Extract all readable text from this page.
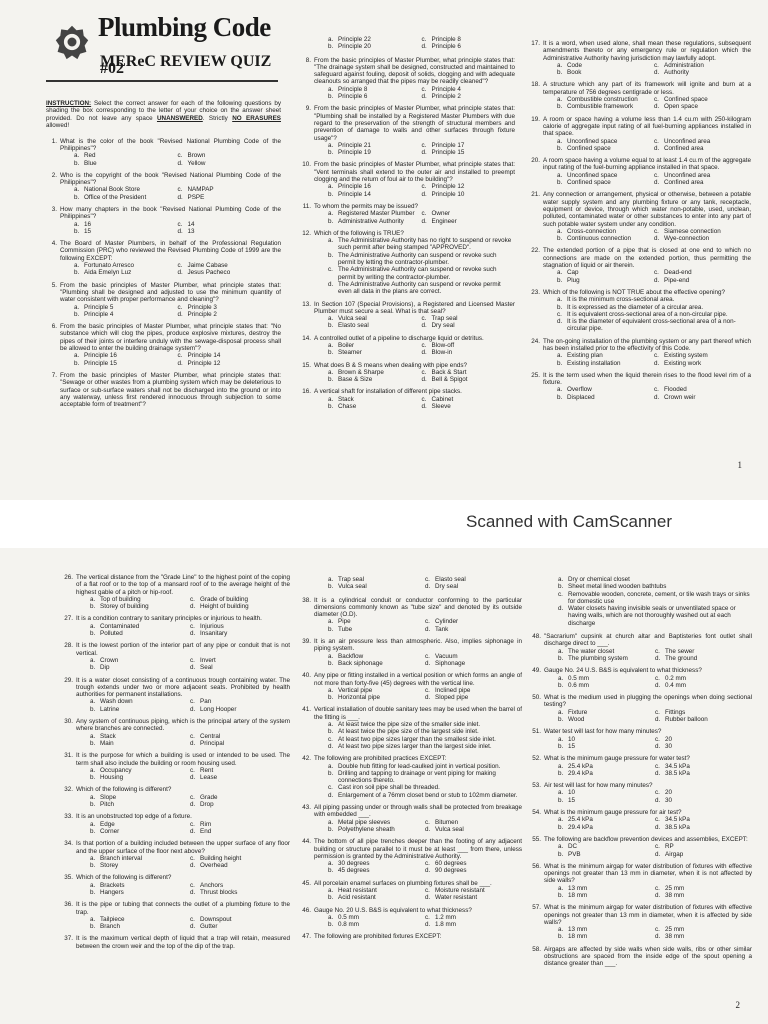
Plumbing Code
MEReC REVIEW QUIZ #02

INSTRUCTION: Select the correct answer for each of the following questions by shading the box corresponding to the letter of your choice on the answer sheet provided. Do not leave any space UNANSWERED. Strictly NO ERASURES allowed!

1. What is the color of the book "Revised National Plumbing Code of the Philippines"?
a. Red	c. Brown
b. Blue	d. Yellow
2. Who is the copyright of the book "Revised National Plumbing Code of the Philippines"?
a. National Book Store	c. NAMPAP
b. Office of the President	d. PSPE
3. How many chapters in the book "Revised National Plumbing Code of the Philippines"?
a. 16	c. 14
b. 15	d. 13
4. The Board of Master Plumbers, in behalf of the Professional Regulation Commission (PRC) who reviewed the Revised Plumbing Code of 1999 are the following EXCEPT:
a. Fortunato Arresco	c. Jaime Cabase
b. Aida Emelyn Luz	d. Jesus Pacheco
5. From the basic principles of Master Plumber, what principle states that: "Plumbing shall be designed and adjusted to use the minimum quantity of water consistent with proper performance and cleaning"?
a. Principle 5	c. Principle 3
b. Principle 4	d. Principle 2
6. From the basic principles of Master Plumber, what principle states that: "No substance which will clog the pipes, produce explosive mixtures, destroy the pipes of their joints or interfere unduly with the sewage-disposal process shall be allowed to enter the building drainage system"?
a. Principle 16	c. Principle 14
b. Principle 15	d. Principle 12
7. From the basic principles of Master Plumber, what principle states that: "Sewage or other wastes from a plumbing system which may be deleterious to surface or sub-surface waters shall not be discharged into the ground or into any waterway, unless first rendered innocuous through subjection to some acceptable form of treatment"?
a. Principle 22	c. Principle 8
b. Principle 20	d. Principle 6
8. From the basic principles of Master Plumber, what principle states that: "The drainage system shall be designed, constructed and maintained to safeguard against fouling, deposit of solids, clogging and with adequate cleanouts so arranged that the pipes may be readily cleaned"?
a. Principle 8	c. Principle 4
b. Principle 6	d. Principle 2
9. From the basic principles of Master Plumber, what principle states that: "Plumbing shall be installed by a Registered Master Plumbers with due regard to the preservation of the strength of structural members and prevention of damage to walls and other surfaces through fixture usage"?
a. Principle 21	c. Principle 17
b. Principle 19	d. Principle 15
10. From the basic principles of Master Plumber, what principle states that: "Vent terminals shall extend to the outer air and installed to preempt clogging and the return of foul air to the building"?
a. Principle 16	c. Principle 12
b. Principle 14	d. Principle 10
11. To whom the permits may be issued?
a. Registered Master Plumber c. Owner
b. Administrative Authority	d. Engineer
12. Which of the following is TRUE?
a. The Administrative Authority has no right to suspend or revoke such permit after being stamped "APPROVED".
b. The Administrative Authority can suspend or revoke such permit by letting the contractor-plumber.
c. The Administrative Authority can suspend or revoke such permit by writing the contractor-plumber.
d. The Administrative Authority can suspend or revoke permit even all data in the plans are correct.
13. In Section 107 (Special Provisions), a Registered and Licensed Master Plumber must secure a seal. What is that seal?
a. Vulca seal	c. Trap seal
b. Elasto seal	d. Dry seal
14. A controlled outlet of a pipeline to discharge liquid or detritus.
a. Boiler	c. Blow-off
b. Steamer	d. Blow-in
15. What does B & S means when dealing with pipe ends?
a. Brown & Sharpe	c. Back & Start
b. Base & Size	d. Bell & Spigot
16. A vertical shaft for installation of different pipe stacks.
a. Stack	c. Cabinet
b. Chase	d. Sleeve
17. It is a word, when used alone, shall mean these regulations, subsequent amendments thereto or any emergency rule or regulation which the Administrative Authority having jurisdiction may lawfully adopt.
a. Code	c. Administration
b. Book	d. Authority
18. A structure which any part of its framework will ignite and burn at a temperature of 756 degrees centigrade or less.
a. Combustible construction	c. Confined space
b. Combustible framework	d. Open space
19. A room or space having a volume less than 1.4 cu.m with 250-kilogram calorie of aggregate input rating of all fuel-burning appliances installed in that space.
a. Unconfined space	c. Unconfined area
b. Confined space	d. Confined area
20. A room space having a volume equal to at least 1.4 cu.m of the aggregate input rating of the fuel-burning appliance installed in that space.
a. Unconfined space	c. Unconfined area
b. Confined space	d. Confined area
21. Any connection or arrangement, physical or otherwise, between a potable water supply system and any plumbing fixture or any tank, receptacle, equipment or device, through which water non-potable, used, unclean, polluted, contaminated water or other substances to enter into any part of such potable water system under any condition.
a. Cross-connection	c. Siamese connection
b. Continuous connection	d. Wye-connection
22. The extended portion of a pipe that is closed at one end to which no connections are made on the extended portion, thus permitting the stagnation of liquid or air therein.
a. Cap	c. Dead-end
b. Plug	d. Pipe-end
23. Which of the following is NOT TRUE about the effective opening?
a. It is the minimum cross-sectional area.
b. It is expressed as the diameter of a circular area.
c. It is equivalent cross-sectional area of a non-circular pipe.
d. It is the diameter of equivalent cross-sectional area of a non-circular pipe.
24. The on-going installation of the plumbing system or any part thereof which has been installed prior to the effectivity of this Code.
a. Existing plan	c. Existing system
b. Existing installation	d. Existing work
25. It is the term used when the liquid therein rises to the flood level rim of a fixture.
a. Overflow	c. Flooded
b. Displaced	d. Crown weir
1
Scanned with CamScanner
26. The vertical distance from the "Grade Line" to the highest point of the coping of a flat roof or to the top of a mansard roof of to the average height of the highest gable of a pitch or hip-roof.
a. Top of building	c. Grade of building
b. Storey of building	d. Height of building
27. It is a condition contrary to sanitary principles or injurious to health.
a. Contaminated	c. Injurious
b. Polluted	d. Insanitary
28. It is the lowest portion of the interior part of any pipe or conduit that is not vertical.
a. Crown	c. Invert
b. Dip	d. Seal
29. It is a water closet consisting of a continuous trough containing water. The trough extends under two or more adjacent seats. Prohibited by health authorities for permanent installations.
a. Wash down	c. Pan
b. Latrine	d. Long Hooper
30. Any system of continuous piping, which is the principal artery of the system where branches are connected.
a. Stack	c. Central
b. Main	d. Principal
31. It is the purpose for which a building is used or intended to be used. The term shall also include the building or room housing used.
a. Occupancy	c. Rent
b. Housing	d. Lease
32. Which of the following is different?
a. Slope	c. Grade
b. Pitch	d. Drop
33. It is an unobstructed top edge of a fixture.
a. Edge	c. Rim
b. Corner	d. End
34. Is that portion of a building included between the upper surface of any floor and the upper surface of the floor next above?
a. Branch interval	c. Building height
b. Storey	d. Overhead
35. Which of the following is different?
a. Brackets	c. Anchors
b. Hangers	d. Thrust blocks
36. It is the pipe or tubing that connects the outlet of a plumbing fixture to the trap.
a. Tailpiece	c. Downspout
b. Branch	d. Gutter
37. It is the maximum vertical depth of liquid that a trap will retain, measured between the crown weir and the top of the dip of the trap.
a. Trap seal	c. Elasto seal
b. Vulca seal	d. Dry seal
38. It is a cylindrical conduit or conductor conforming to the particular dimensions commonly known as "tube size" and denoted by its outside diameter (O.D).
a. Pipe	c. Cylinder
b. Tube	d. Tank
39. It is an air pressure less than atmospheric. Also, implies siphonage in piping system.
a. Backflow	c. Vacuum
b. Back siphonage	d. Siphonage
40. Any pipe or fitting installed in a vertical position or which forms an angle of not more than forty-five (45) degrees with the vertical line.
a. Vertical pipe	c. Inclined pipe
b. Horizontal pipe	d. Sloped pipe
41. Vertical installation of double sanitary tees may be used when the barrel of the fitting is ___.
a. At least twice the pipe size of the smaller side inlet.
b. At least twice the pipe size of the largest side inlet.
c. At least two pipe sizes larger than the smallest side inlet.
d. At least two pipe sizes larger than the largest side inlet.
42. The following are prohibited practices EXCEPT:
a. Double hub fitting for lead-caulked joint in vertical position.
b. Drilling and tapping to drainage or vent piping for making connections thereto.
c. Cast iron soil pipe shall be threaded.
d. Enlargement of a 76mm closet bend or stub to 102mm diameter.
43. All piping passing under or through walls shall be protected from breakage with embedded ___.
a. Metal pipe sleeves	c. Bitumen
b. Polyethylene sheath	d. Vulca seal
44. The bottom of all pipe trenches deeper than the footing of any adjacent building or structure parallel to it must be at least ___ from there, unless permission is granted by the Administrative Authority.
a. 30 degrees	c. 60 degrees
b. 45 degrees	d. 90 degrees
45. All porcelain enamel surfaces on plumbing fixtures shall be ___.
a. Heat resistant	c. Moisture resistant
b. Acid resistant	d. Water resistant
46. Gauge No. 20 U.S. B&S is equivalent to what thickness?
a. 0.5 mm	c. 1.2 mm
b. 0.8 mm	d. 1.8 mm
47. The following are prohibited fixtures EXCEPT:
a. Dry or chemical closet
b. Sheet metal lined wooden bathtubs
c. Removable wooden, concrete, cement, or tile wash trays or sinks for domestic use
d. Water closets having invisible seals or unventilated space or having walls, which are not thoroughly washed out at each discharge
48. "Sacrarium" cupsink at church altar and Baptisteries font outlet shall discharge direct to ___.
a. The water closet	c. The sewer
b. The plumbing system	d. The ground
49. Gauge No. 24 U.S. B&S is equivalent to what thickness?
a. 0.5 mm	c. 0.2 mm
b. 0.6 mm	d. 0.4 mm
50. What is the medium used in plugging the openings when doing sectional testing?
a. Fixture	c. Fittings
b. Wood	d. Rubber balloon
51. Water test will last for how many minutes?
a. 10	c. 20
b. 15	d. 30
52. What is the minimum gauge pressure for water test?
a. 25.4 kPa	c. 34.5 kPa
b. 29.4 kPa	d. 38.5 kPa
53. Air test will last for how many minutes?
a. 10	c. 20
b. 15	d. 30
54. What is the minimum gauge pressure for air test?
a. 25.4 kPa	c. 34.5 kPa
b. 29.4 kPa	d. 38.5 kPa
55. The following are backflow prevention devices and assemblies, EXCEPT:
a. DC	c. RP
b. PVB	d. Airgap
56. What is the minimum airgap for water distribution of fixtures with effective openings not greater than 13 mm in diameter, when it is not affected by side walls?
a. 13 mm	c. 25 mm
b. 18 mm	d. 38 mm
57. What is the minimum airgap for water distribution of fixtures with effective openings not greater than 13 mm in diameter, when it is affected by side walls?
a. 13 mm	c. 25 mm
b. 18 mm	d. 38 mm
58. Airgaps are affected by side walls when side walls, ribs or other similar obstructions are spaced from the inside edge of the spout opening a distance greater than ___.
2
